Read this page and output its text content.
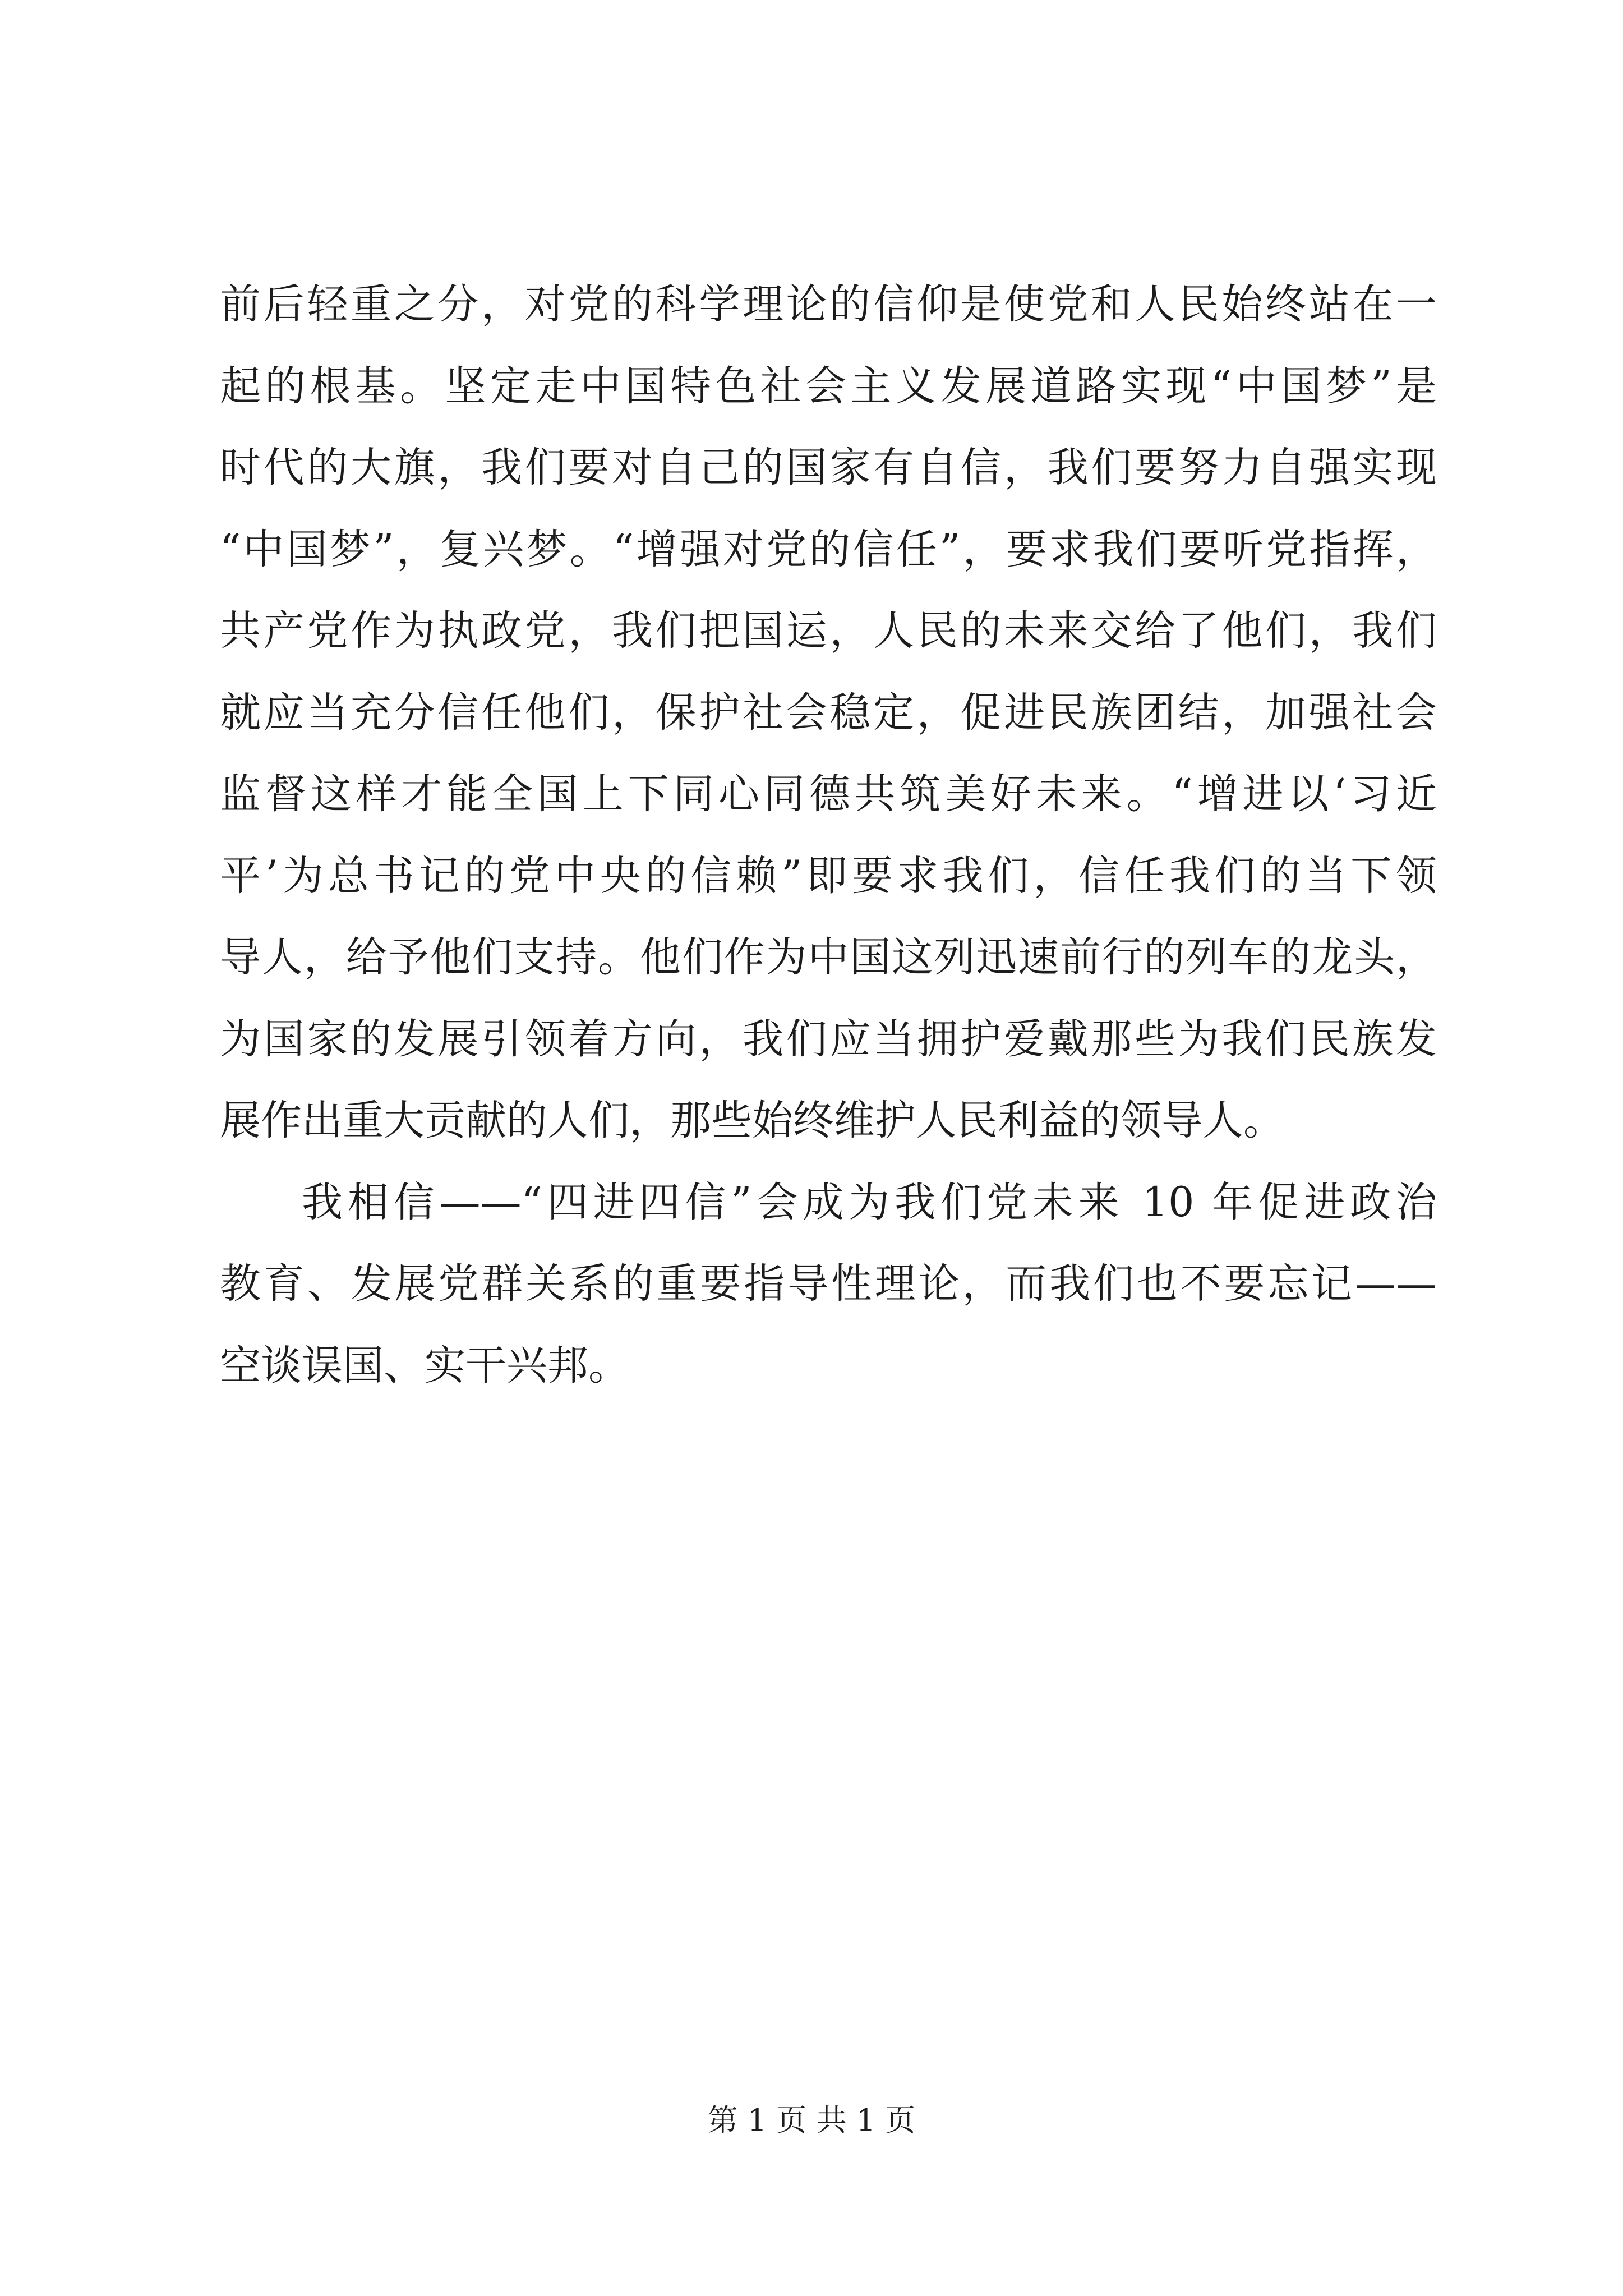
前后轻重之分，对党的科学理论的信仰是使党和人民始终站在一
起的根基。坚定走中国特色社会主义发展道路实现“中国梦”是
时代的大旗，我们要对自己的国家有自信，我们要努力自强实现
“中国梦”，复兴梦。“增强对党的信任”，要求我们要听党指挥，
共产党作为执政党，我们把国运，人民的未来交给了他们，我们
就应当充分信任他们，保护社会稳定，促进民族团结，加强社会
监督这样才能全国上下同心同德共筑美好未来。“增进以‘习近
平’为总书记的党中央的信赖”即要求我们，信任我们的当下领
导人，给予他们支持。他们作为中国这列迅速前行的列车的龙头，
为国家的发展引领着方向，我们应当拥护爱戴那些为我们民族发
展作出重大贡献的人们，那些始终维护人民利益的领导人。
我相信——“四进四信”会成为我们党未来 10 年促进政治
教育、发展党群关系的重要指导性理论，而我们也不要忘记——
空谈误国、实干兴邦。
第 1 页 共 1 页
